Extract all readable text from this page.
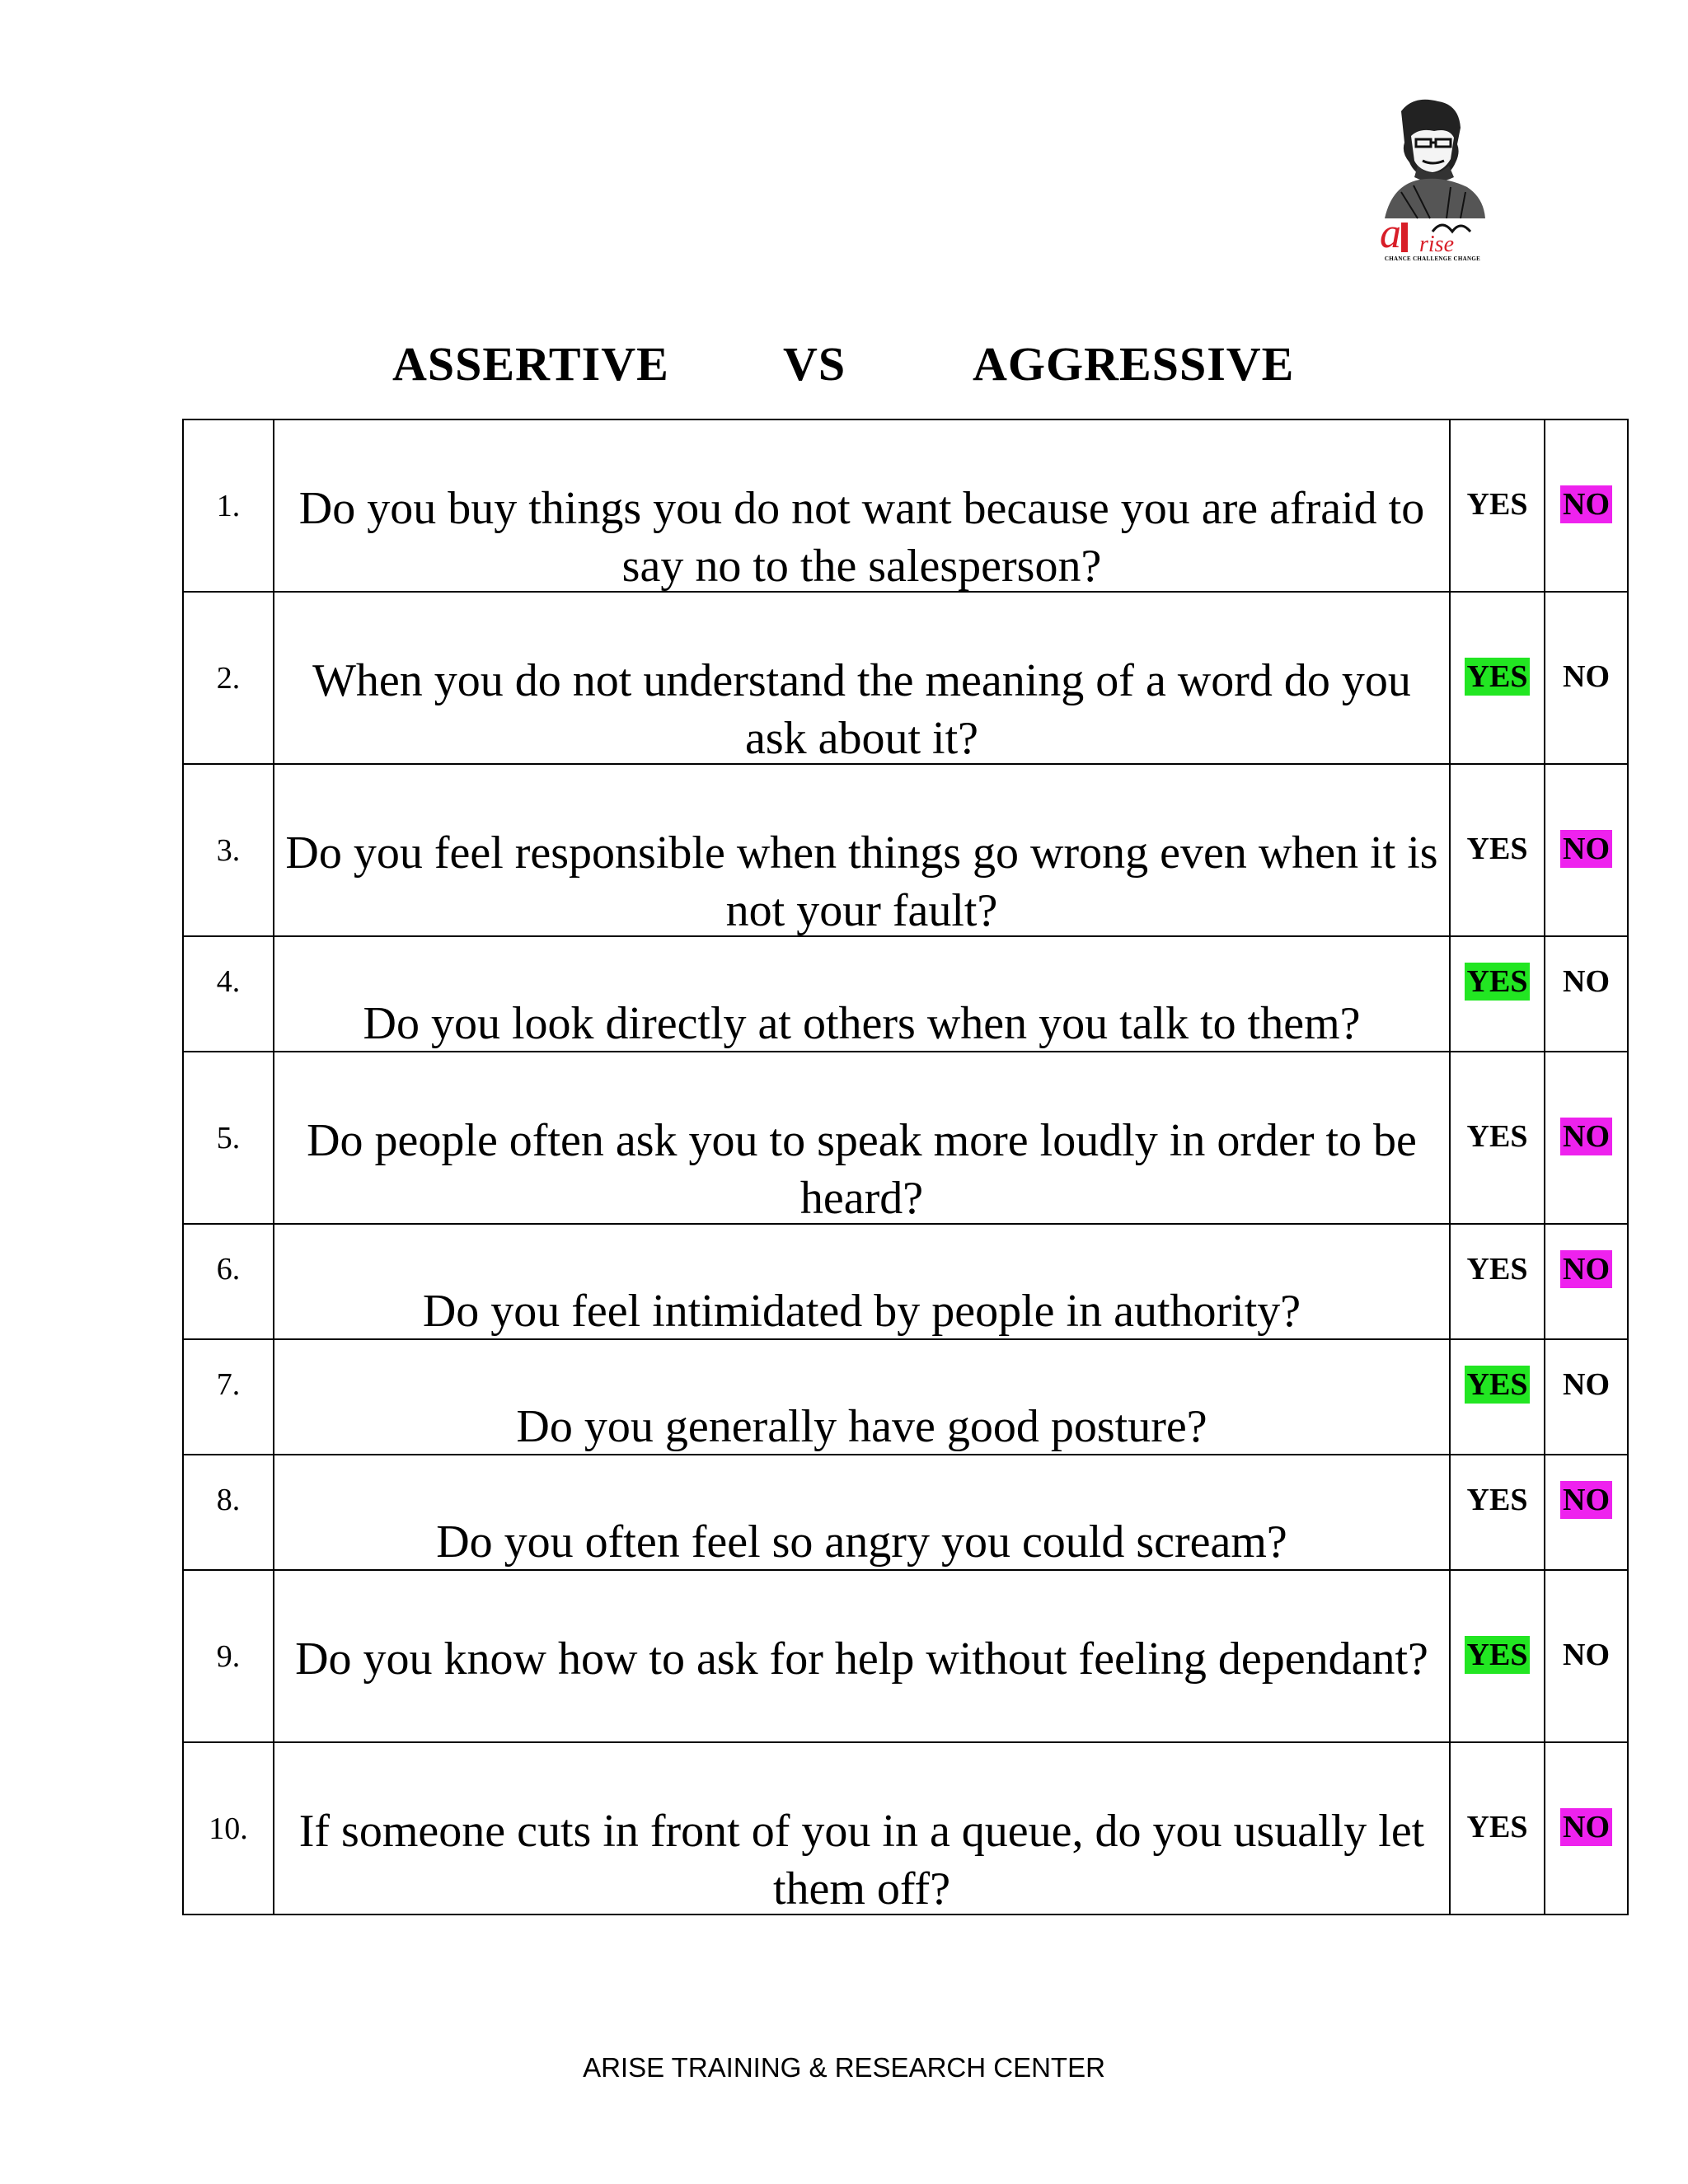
a rise
CHANCE CHALLENGE CHANGE
ASSERTIVE VS	AGGRESSIVE
1.	Do you buy things you do not want because you are afraid to say no to the salesperson?	YES	NO

2.	When you do not understand the meaning of a word do you ask about it?	YES	NO

3.	Do you feel responsible when things go wrong even when it is not your fault?	YES	NO

4.	Do you look directly at others when you talk to them?	YES	NO

5.	Do people often ask you to speak more loudly in order to be heard?	YES	NO

6.	Do you feel intimidated by people in authority?	YES	NO

7.	Do you generally have good posture?	YES	NO

8.	Do you often feel so angry you could scream?	YES	NO

9.	Do you know how to ask for help without feeling dependant?	YES	NO

10.	If someone cuts in front of you in a queue, do you usually let them off?	YES	NO
ARISE TRAINING & RESEARCH CENTER
